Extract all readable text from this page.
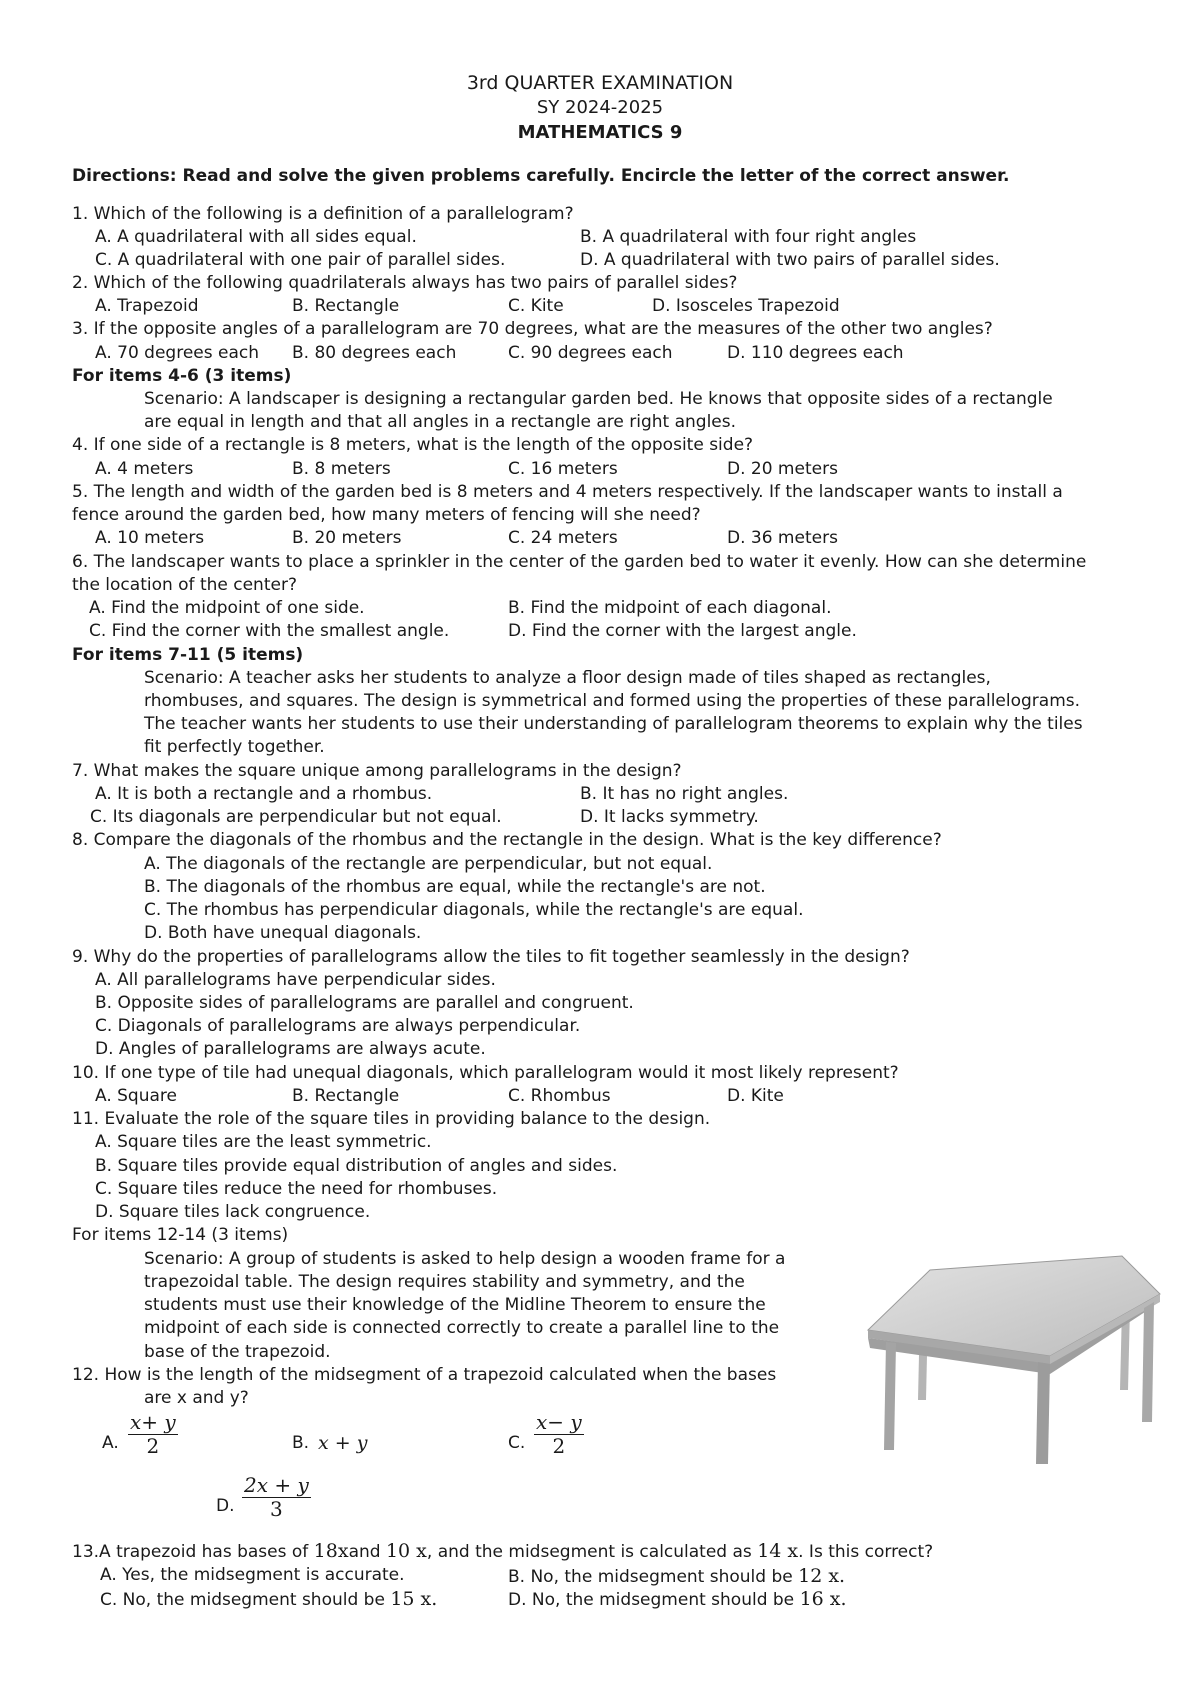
3rd QUARTER EXAMINATION
SY 2024-2025
MATHEMATICS 9
Directions: Read and solve the given problems carefully. Encircle the letter of the correct answer.
1. Which of the following is a definition of a parallelogram?
A. A quadrilateral with all sides equal.	B. A quadrilateral with four right angles
C. A quadrilateral with one pair of parallel sides.	D. A quadrilateral with two pairs of parallel sides.
2. Which of the following quadrilaterals always has two pairs of parallel sides?
A. Trapezoid	B. Rectangle	C. Kite	D. Isosceles Trapezoid
3. If the opposite angles of a parallelogram are 70 degrees, what are the measures of the other two angles?
A. 70 degrees each B. 80 degrees each	C. 90 degrees each	D. 110 degrees each
For items 4-6 (3 items)
Scenario: A landscaper is designing a rectangular garden bed. He knows that opposite sides of a rectangle
are equal in length and that all angles in a rectangle are right angles.
4. If one side of a rectangle is 8 meters, what is the length of the opposite side?
A. 4 meters	B. 8 meters	C. 16 meters	D. 20 meters
5. The length and width of the garden bed is 8 meters and 4 meters respectively. If the landscaper wants to install a
fence around the garden bed, how many meters of fencing will she need?
A. 10 meters	B. 20 meters	C. 24 meters	D. 36 meters
6. The landscaper wants to place a sprinkler in the center of the garden bed to water it evenly. How can she determine
the location of the center?
A. Find the midpoint of one side.	B. Find the midpoint of each diagonal.
C. Find the corner with the smallest angle.	D. Find the corner with the largest angle.
For items 7-11 (5 items)
Scenario: A teacher asks her students to analyze a floor design made of tiles shaped as rectangles,
rhombuses, and squares. The design is symmetrical and formed using the properties of these parallelograms.
The teacher wants her students to use their understanding of parallelogram theorems to explain why the tiles
fit perfectly together.
7. What makes the square unique among parallelograms in the design?
A. It is both a rectangle and a rhombus.	B. It has no right angles.
C. Its diagonals are perpendicular but not equal.	D. It lacks symmetry.
8. Compare the diagonals of the rhombus and the rectangle in the design. What is the key difference?
A. The diagonals of the rectangle are perpendicular, but not equal.
B. The diagonals of the rhombus are equal, while the rectangle's are not.
C. The rhombus has perpendicular diagonals, while the rectangle's are equal.
D. Both have unequal diagonals.
9. Why do the properties of parallelograms allow the tiles to fit together seamlessly in the design?
A. All parallelograms have perpendicular sides.
B. Opposite sides of parallelograms are parallel and congruent.
C. Diagonals of parallelograms are always perpendicular.
D. Angles of parallelograms are always acute.
10. If one type of tile had unequal diagonals, which parallelogram would it most likely represent?
A. Square	B. Rectangle	C. Rhombus	D. Kite
11. Evaluate the role of the square tiles in providing balance to the design.
A. Square tiles are the least symmetric.
B. Square tiles provide equal distribution of angles and sides.
C. Square tiles reduce the need for rhombuses.
D. Square tiles lack congruence.
For items 12-14 (3 items)
Scenario: A group of students is asked to help design a wooden frame for a
trapezoidal table. The design requires stability and symmetry, and the
students must use their knowledge of the Midline Theorem to ensure the
midpoint of each side is connected correctly to create a parallel line to the
base of the trapezoid.
12. How is the length of the midsegment of a trapezoid calculated when the bases
are x and y?
A. $\frac{x+ y}{2}$	B. x + y	C. $\frac{x- y}{2}$
D. $\frac{2x + y}{3}$
13.A trapezoid has bases of 18xand 10 x, and the midsegment is calculated as 14 x. Is this correct?
A. Yes, the midsegment is accurate.	B. No, the midsegment should be 12 x.
C. No, the midsegment should be 15 x.	D. No, the midsegment should be 16 x.
